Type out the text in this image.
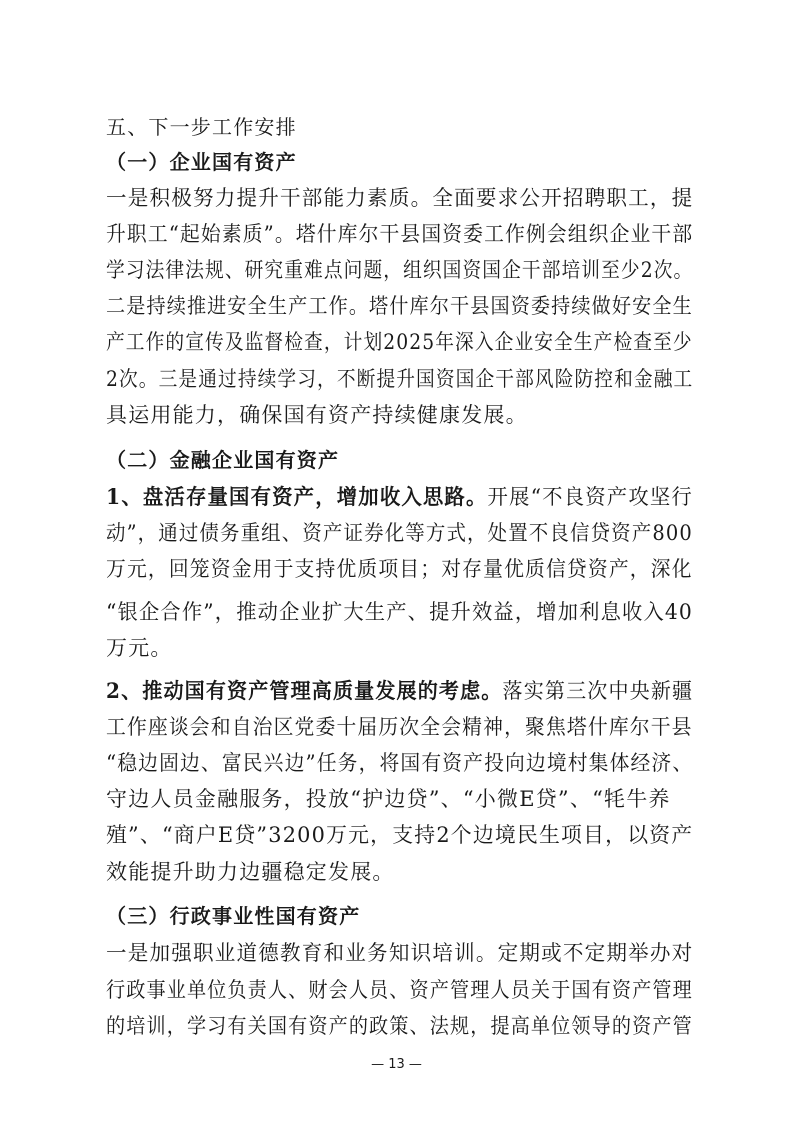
五、下一步工作安排
（一）企业国有资产
一是积极努力提升干部能力素质。全面要求公开招聘职工，提
升职工“起始素质”。塔什库尔干县国资委工作例会组织企业干部
学习法律法规、研究重难点问题，组织国资国企干部培训至少2次。
二是持续推进安全生产工作。塔什库尔干县国资委持续做好安全生
产工作的宣传及监督检查，计划2025年深入企业安全生产检查至少
2次。三是通过持续学习，不断提升国资国企干部风险防控和金融工
具运用能力，确保国有资产持续健康发展。
（二）金融企业国有资产
1、盘活存量国有资产，增加收入思路。开展“不良资产攻坚行
动”，通过债务重组、资产证券化等方式，处置不良信贷资产800
万元，回笼资金用于支持优质项目；对存量优质信贷资产，深化
“银企合作”，推动企业扩大生产、提升效益，增加利息收入40
万元。
2、推动国有资产管理高质量发展的考虑。落实第三次中央新疆
工作座谈会和自治区党委十届历次全会精神，聚焦塔什库尔干县
“稳边固边、富民兴边”任务，将国有资产投向边境村集体经济、
守边人员金融服务，投放“护边贷”、“小微E贷”、“牦牛养
殖”、“商户E贷”3200万元，支持2个边境民生项目，以资产
效能提升助力边疆稳定发展。
（三）行政事业性国有资产
一是加强职业道德教育和业务知识培训。定期或不定期举办对
行政事业单位负责人、财会人员、资产管理人员关于国有资产管理
的培训，学习有关国有资产的政策、法规，提高单位领导的资产管
— 13 —
